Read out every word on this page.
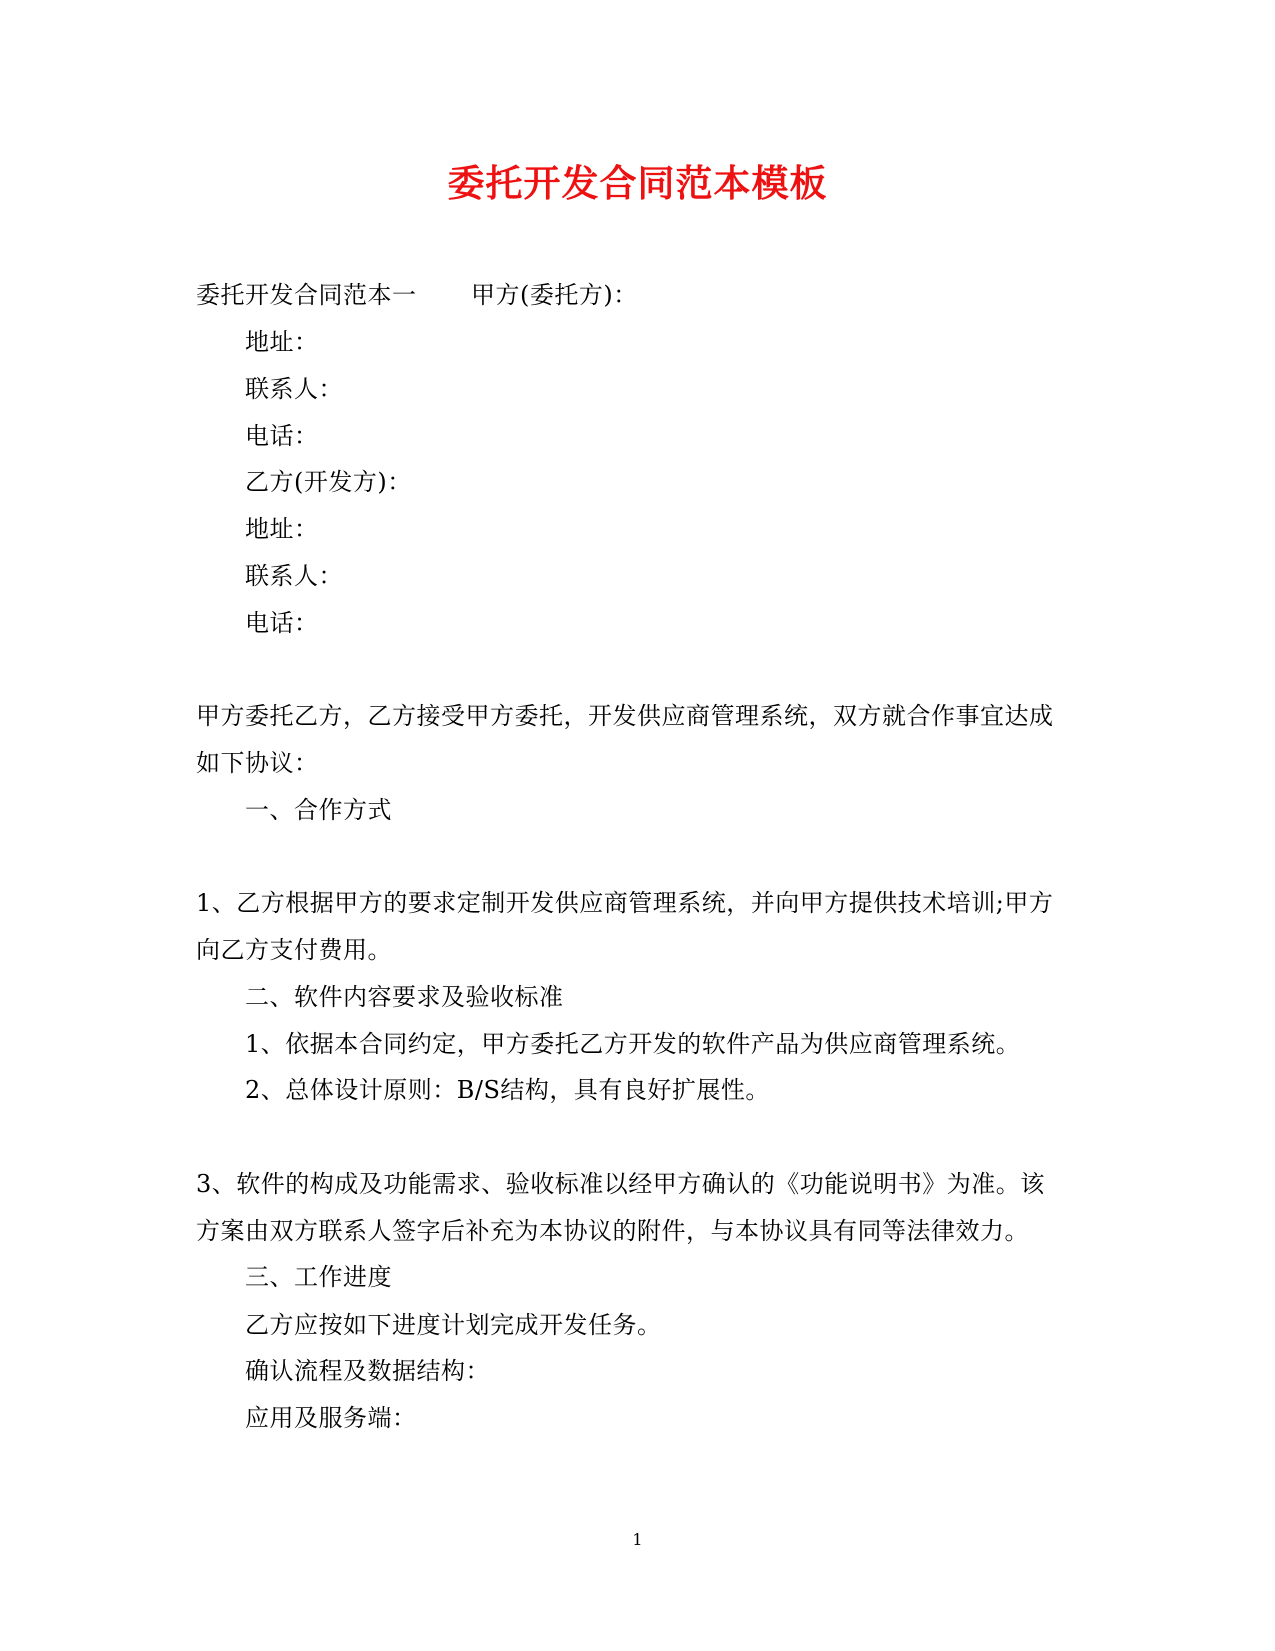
委托开发合同范本模板
委托开发合同范本一 甲方(委托方)：
地址：
联系人：
电话：
乙方(开发方)：
地址：
联系人：
电话：
甲方委托乙方，乙方接受甲方委托，开发供应商管理系统，双方就合作事宜达成
如下协议：
一、合作方式
1、乙方根据甲方的要求定制开发供应商管理系统，并向甲方提供技术培训;甲方
向乙方支付费用。
二、软件内容要求及验收标准
1、依据本合同约定，甲方委托乙方开发的软件产品为供应商管理系统。
2、总体设计原则：B/S结构，具有良好扩展性。
3、软件的构成及功能需求、验收标准以经甲方确认的《功能说明书》为准。该
方案由双方联系人签字后补充为本协议的附件，与本协议具有同等法律效力。
三、工作进度
乙方应按如下进度计划完成开发任务。
确认流程及数据结构：
应用及服务端：
1
